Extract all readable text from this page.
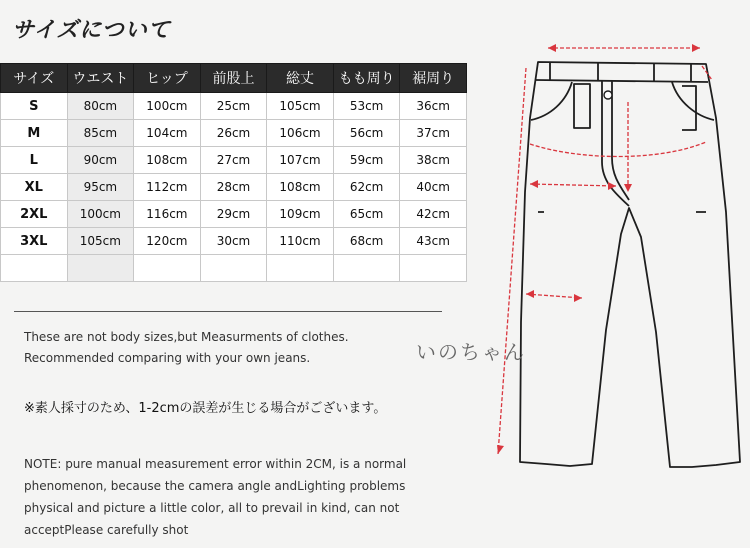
サイズについて
サイズ	ウエスト	ヒップ	前股上	総丈	もも周り	裾周り
S	80cm	100cm	25cm	105cm	53cm	36cm
M	85cm	104cm	26cm	106cm	56cm	37cm
L	90cm	108cm	27cm	107cm	59cm	38cm
XL	95cm	112cm	28cm	108cm	62cm	40cm
2XL	100cm	116cm	29cm	109cm	65cm	42cm
3XL	105cm	120cm	30cm	110cm	68cm	43cm

These are not body sizes,but Measurments of clothes.
Recommended comparing with your own jeans.
※素人採寸のため、1-2cmの誤差が生じる場合がございます。
NOTE: pure manual measurement error within 2CM, is a normal
phenomenon, because the camera angle andLighting problems
physical and picture a little color, all to prevail in kind, can not
acceptPlease carefully shot
いのちゃん
